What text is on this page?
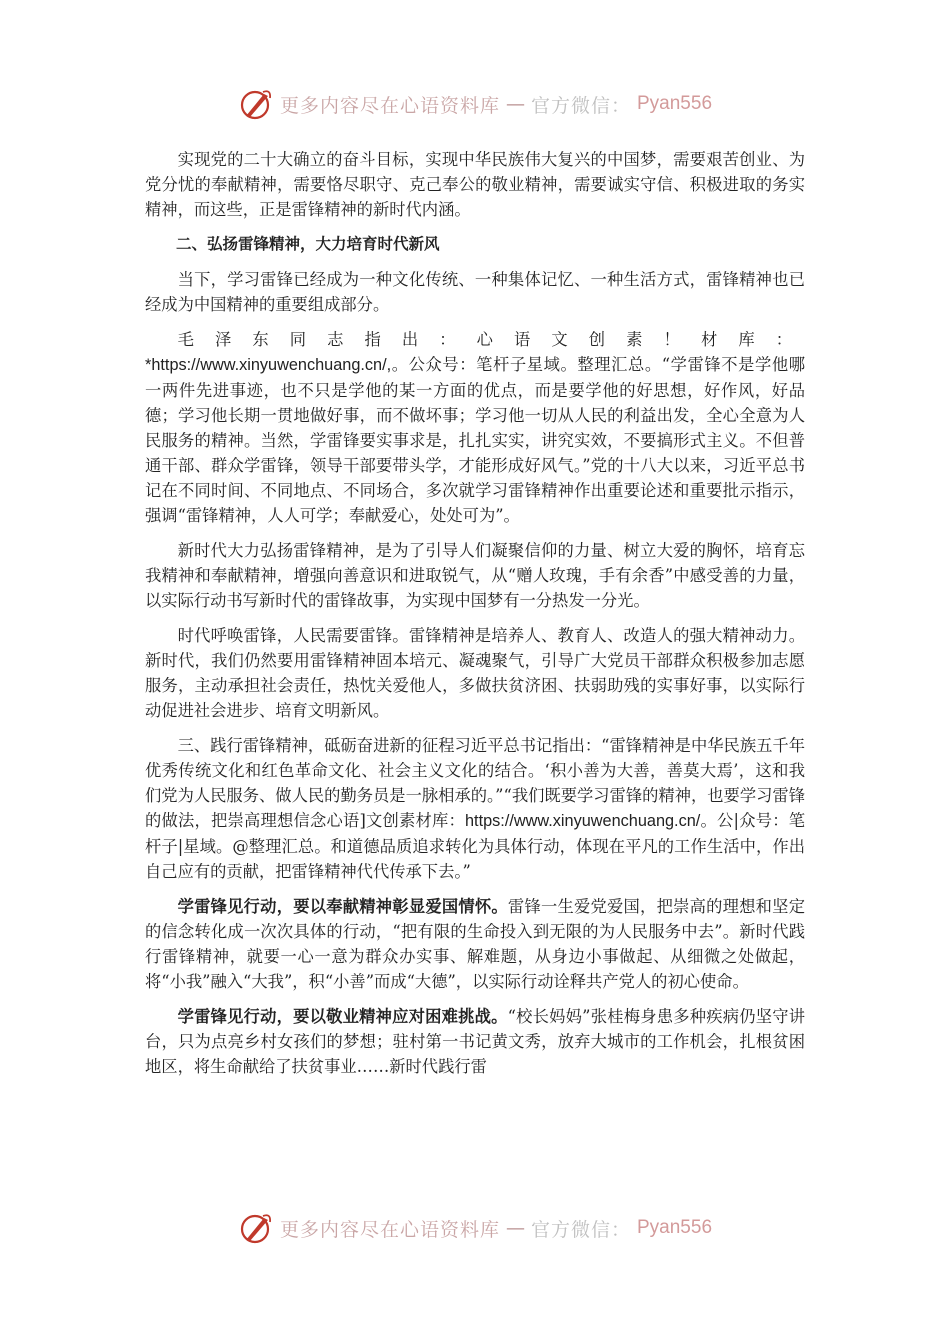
更多内容尽在心语资料库 — 官方微信： Pyan556

实现党的二十大确立的奋斗目标，实现中华民族伟大复兴的中国梦，需要艰苦创业、为党分忧的奉献精神，需要恪尽职守、克己奉公的敬业精神，需要诚实守信、积极进取的务实精神，而这些，正是雷锋精神的新时代内涵。

二、弘扬雷锋精神，大力培育时代新风

当下，学习雷锋已经成为一种文化传统、一种集体记忆、一种生活方式，雷锋精神也已经成为中国精神的重要组成部分。

毛泽东同志指出：心语文创素！材库：*https://www.xinyuwenchuang.cn/,。公众号：笔杆子星域。整理汇总。“学雷锋不是学他哪一两件先进事迹，也不只是学他的某一方面的优点，而是要学他的好思想，好作风，好品德；学习他长期一贯地做好事，而不做坏事；学习他一切从人民的利益出发，全心全意为人民服务的精神。当然，学雷锋要实事求是，扎扎实实，讲究实效，不要搞形式主义。不但普通干部、群众学雷锋，领导干部要带头学，才能形成好风气。”党的十八大以来，习近平总书记在不同时间、不同地点、不同场合，多次就学习雷锋精神作出重要论述和重要批示指示，强调“雷锋精神，人人可学；奉献爱心，处处可为”。

新时代大力弘扬雷锋精神，是为了引导人们凝聚信仰的力量、树立大爱的胸怀，培育忘我精神和奉献精神，增强向善意识和进取锐气，从“赠人玫瑰，手有余香”中感受善的力量，以实际行动书写新时代的雷锋故事，为实现中国梦有一分热发一分光。

时代呼唤雷锋，人民需要雷锋。雷锋精神是培养人、教育人、改造人的强大精神动力。新时代，我们仍然要用雷锋精神固本培元、凝魂聚气，引导广大党员干部群众积极参加志愿服务，主动承担社会责任，热忱关爱他人，多做扶贫济困、扶弱助残的实事好事，以实际行动促进社会进步、培育文明新风。

三、践行雷锋精神，砥砺奋进新的征程习近平总书记指出：“雷锋精神是中华民族五千年优秀传统文化和红色革命文化、社会主义文化的结合。‘积小善为大善，善莫大焉’，这和我们党为人民服务、做人民的勤务员是一脉相承的。”“我们既要学习雷锋的精神，也要学习雷锋的做法，把崇高理想信念心语]文创素材库：https://www.xinyuwenchuang.cn/。公|众号：笔杆子|星域。@整理汇总。和道德品质追求转化为具体行动，体现在平凡的工作生活中，作出自己应有的贡献，把雷锋精神代代传承下去。”

学雷锋见行动，要以奉献精神彰显爱国情怀。雷锋一生爱党爱国，把崇高的理想和坚定的信念转化成一次次具体的行动，“把有限的生命投入到无限的为人民服务中去”。新时代践行雷锋精神，就要一心一意为群众办实事、解难题，从身边小事做起、从细微之处做起，将“小我”融入“大我”，积“小善”而成“大德”，以实际行动诠释共产党人的初心使命。

学雷锋见行动，要以敬业精神应对困难挑战。“校长妈妈”张桂梅身患多种疾病仍坚守讲台，只为点亮乡村女孩们的梦想；驻村第一书记黄文秀，放弃大城市的工作机会，扎根贫困地区，将生命献给了扶贫事业……新时代践行雷

更多内容尽在心语资料库 — 官方微信： Pyan556
